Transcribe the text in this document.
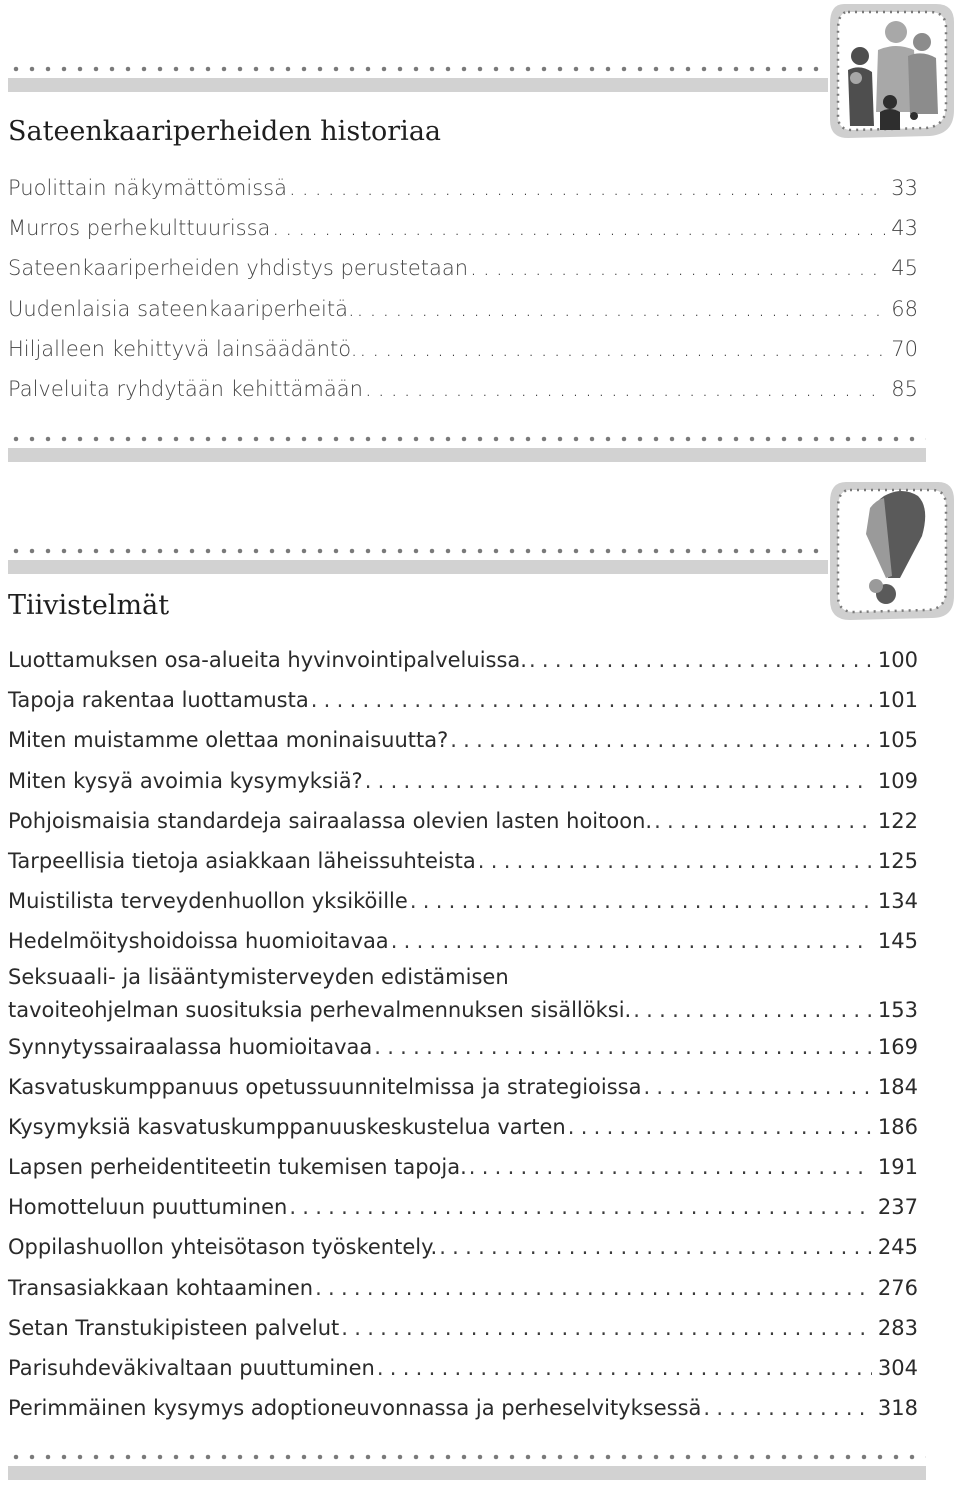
Sateenkaariperheiden historiaa
Puolittain näkymättömissä . . .	33
Murros perhekulttuurissa . . .	43
Sateenkaariperheiden yhdistys perustetaan . . .	45
Uudenlaisia sateenkaariperheitä. . . .	68
Hiljalleen kehittyvä lainsäädäntö. . . .	70
Palveluita ryhdytään kehittämään . . .	85
Tiivistelmät
Luottamuksen osa-alueita hyvinvointipalveluissa. . . .	100
Tapoja rakentaa luottamusta . . .	101
Miten muistamme olettaa moninaisuutta? . . .	105
Miten kysyä avoimia kysymyksiä? . . .	109
Pohjoismaisia standardeja sairaalassa olevien lasten hoitoon. . . .	122
Tarpeellisia tietoja asiakkaan läheissuhteista . . .	125
Muistilista terveydenhuollon yksiköille . . .	134
Hedelmöityshoidoissa huomioitavaa . . .	145
Seksuaali- ja lisääntymisterveyden edistämisen
tavoiteohjelman suosituksia perhevalmennuksen sisällöksi. . . .	153
Synnytyssairaalassa huomioitavaa . . .	169
Kasvatuskumppanuus opetussuunnitelmissa ja strategioissa . . .	184
Kysymyksiä kasvatuskumppanuuskeskustelua varten . . .	186
Lapsen perheidentiteetin tukemisen tapoja. . . .	191
Homotteluun puuttuminen . . .	237
Oppilashuollon yhteisötason työskentely. . . .	245
Transasiakkaan kohtaaminen . . .	276
Setan Transtukipisteen palvelut . . .	283
Parisuhdeväkivaltaan puuttuminen . . .	304
Perimmäinen kysymys adoptioneuvonnassa ja perheselvityksessä . . .	318
